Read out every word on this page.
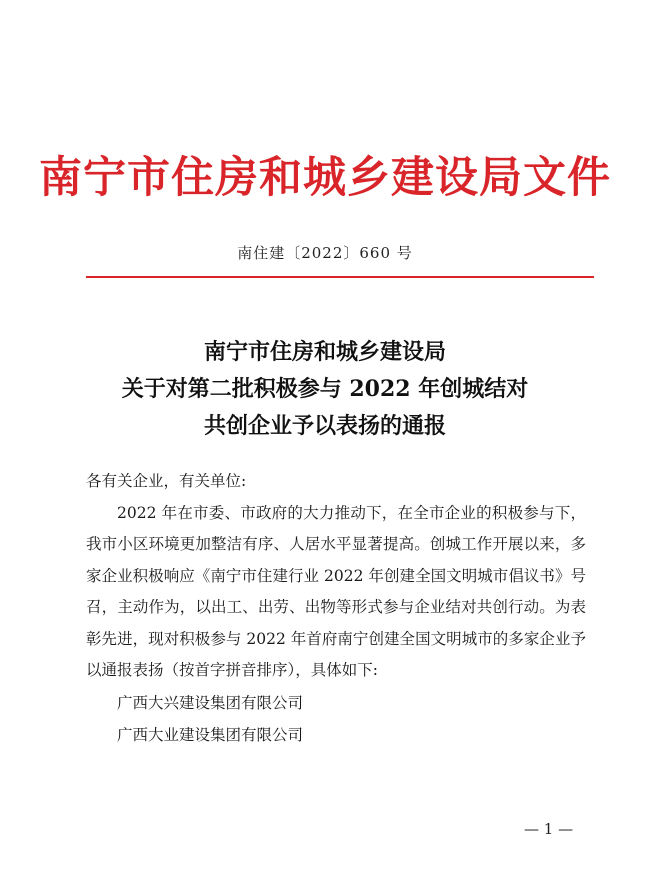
南宁市住房和城乡建设局文件
南住建〔2022〕660 号
南宁市住房和城乡建设局
关于对第二批积极参与 2022 年创城结对
共创企业予以表扬的通报
各有关企业，有关单位:
2022 年在市委、市政府的大力推动下，在全市企业的积极参与下，我市小区环境更加整洁有序、人居水平显著提高。创城工作开展以来，多家企业积极响应《南宁市住建行业 2022 年创建全国文明城市倡议书》号召，主动作为，以出工、出劳、出物等形式参与企业结对共创行动。为表彰先进，现对积极参与 2022 年首府南宁创建全国文明城市的多家企业予以通报表扬（按首字拼音排序），具体如下:
广西大兴建设集团有限公司
广西大业建设集团有限公司
— 1 —
